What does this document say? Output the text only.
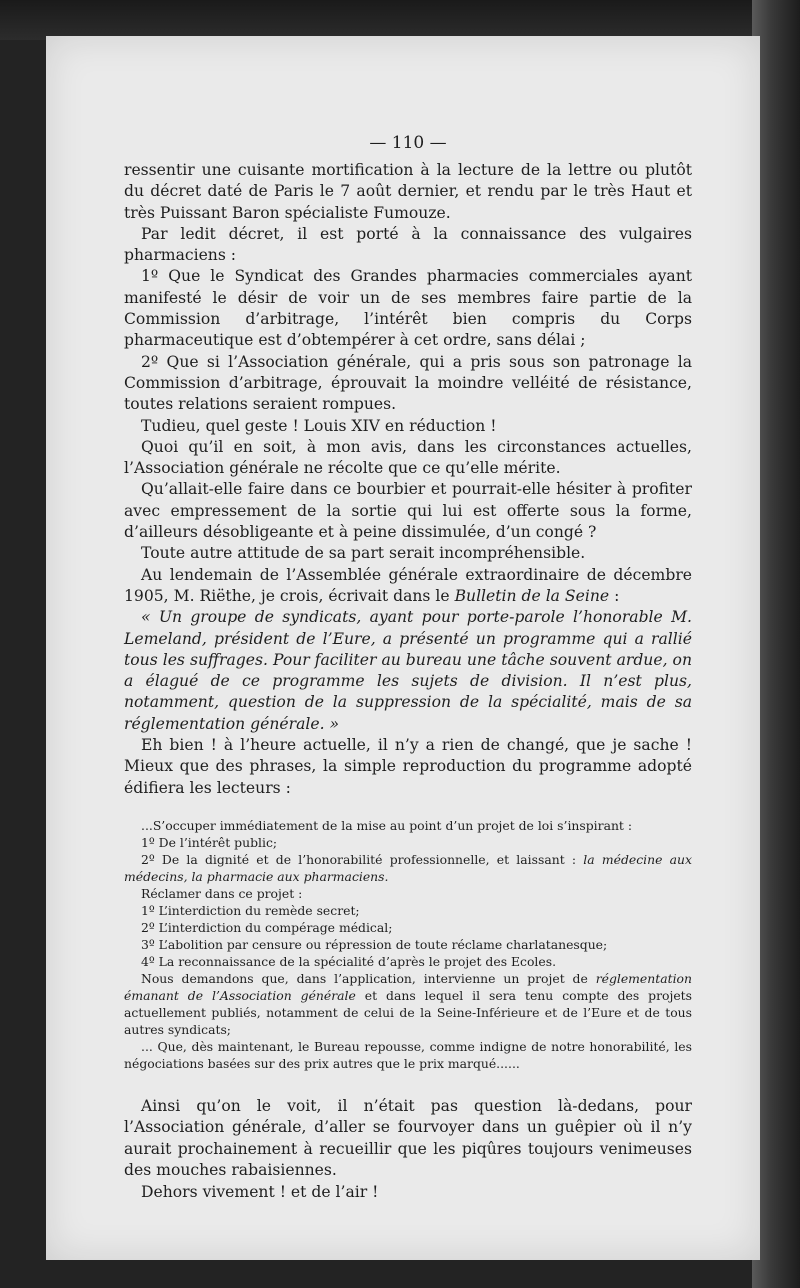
— 110 —

ressentir une cuisante mortification à la lecture de la lettre ou plutôt du décret daté de Paris le 7 août dernier, et rendu par le très Haut et très Puissant Baron spécialiste Fumouze.

Par ledit décret, il est porté à la connaissance des vulgaires pharmaciens :

1º Que le Syndicat des Grandes pharmacies commerciales ayant manifesté le désir de voir un de ses membres faire partie de la Commission d’arbitrage, l’intérêt bien compris du Corps pharmaceutique est d’obtempérer à cet ordre, sans délai ;

2º Que si l’Association générale, qui a pris sous son patronage la Commission d’arbitrage, éprouvait la moindre velléité de résistance, toutes relations seraient rompues.

Tudieu, quel geste ! Louis XIV en réduction !

Quoi qu’il en soit, à mon avis, dans les circonstances actuelles, l’Association générale ne récolte que ce qu’elle mérite.

Qu’allait-elle faire dans ce bourbier et pourrait-elle hésiter à profiter avec empressement de la sortie qui lui est offerte sous la forme, d’ailleurs désobligeante et à peine dissimulée, d’un congé ?

Toute autre attitude de sa part serait incompréhensible.

Au lendemain de l’Assemblée générale extraordinaire de décembre 1905, M. Riëthe, je crois, écrivait dans le Bulletin de la Seine :

« Un groupe de syndicats, ayant pour porte-parole l’honorable M. Lemeland, président de l’Eure, a présenté un programme qui a rallié tous les suffrages. Pour faciliter au bureau une tâche souvent ardue, on a élagué de ce programme les sujets de division. Il n’est plus, notamment, question de la suppression de la spécialité, mais de sa réglementation générale. »

Eh bien ! à l’heure actuelle, il n’y a rien de changé, que je sache ! Mieux que des phrases, la simple reproduction du programme adopté édifiera les lecteurs :

...S’occuper immédiatement de la mise au point d’un projet de loi s’inspirant :

1º De l’intérêt public;

2º De la dignité et de l’honorabilité professionnelle, et laissant : la médecine aux médecins, la pharmacie aux pharmaciens.

Réclamer dans ce projet :

1º L’interdiction du remède secret;

2º L’interdiction du compérage médical;

3º L’abolition par censure ou répression de toute réclame charlatanesque;

4º La reconnaissance de la spécialité d’après le projet des Ecoles.

Nous demandons que, dans l’application, intervienne un projet de réglementation émanant de l’Association générale et dans lequel il sera tenu compte des projets actuellement publiés, notamment de celui de la Seine-Inférieure et de l’Eure et de tous autres syndicats;

... Que, dès maintenant, le Bureau repousse, comme indigne de notre honorabilité, les négociations basées sur des prix autres que le prix marqué......

Ainsi qu’on le voit, il n’était pas question là-dedans, pour l’Association générale, d’aller se fourvoyer dans un guêpier où il n’y aurait prochainement à recueillir que les piqûres toujours venimeuses des mouches rabaisiennes.

Dehors vivement ! et de l’air !
